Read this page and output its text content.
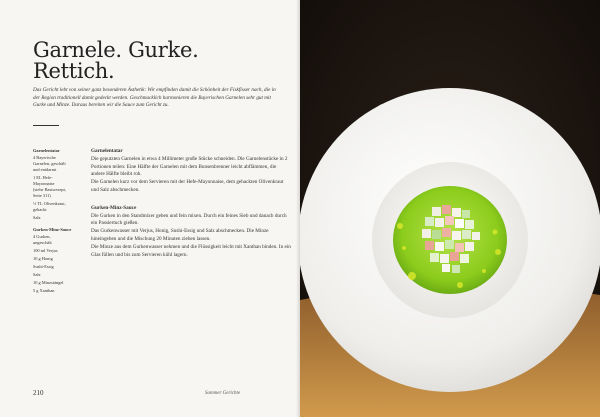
Garnele. Gurke.
Rettich.

Das Gericht lebt von seiner ganz besonderen Ästhetik: Wir empfinden damit die Schönheit der Fiskfisser nach, die in der Region traditionell damit gedeckt werden. Geschmacklich harmonieren die Bayerischen Garnelen sehr gut mit Gurke und Minze. Daraus bereiten wir die Sauce zum Gericht zu.

Garnelentatar
4 Bayerische
Garnelen, geschält
und entdarmt
1 EL Hefe-
Mayonnaise
(siehe Basisrezept,
Seite 311)
½ TL Olivenkraut,
gehackt
Salz
Gurken-Minz-Sauce
4 Gurken,
ungeschält
100 ml Verjus
10 g Honig
Sushi-Essig
Salz
10 g Minzstängel
5 g Xanthan
Garnelentatar
Die geputzten Garnelen in etwa 4 Millimeter große Stücke schneiden. Die Garnelenstücke in 2 Portionen teilen: Eine Hälfte der Garnelen mit dem Bunsenbrenner leicht abflämmen, die andere Hälfte bleibt roh.
Die Garnelen kurz vor dem Servieren mit der Hefe-Mayonnaise, dem gehackten Olivenkraut und Salz abschmecken.
Gurken-Minz-Sauce
Die Gurken in den Standmixer geben und fein mixen. Durch ein feines Sieb und danach durch ein Passiertuch gießen.
Das Gurkenwasser mit Verjus, Honig, Sushi-Essig und Salz abschmecken. Die Minze hineingeben und die Mischung 20 Minuten ziehen lassen.
Die Minze aus dem Gurkenwasser nehmen und die Flüssigkeit leicht mit Xanthan binden. In ein Glas füllen und bis zum Servieren kühl lagern.
210	Sommer Gerichte
